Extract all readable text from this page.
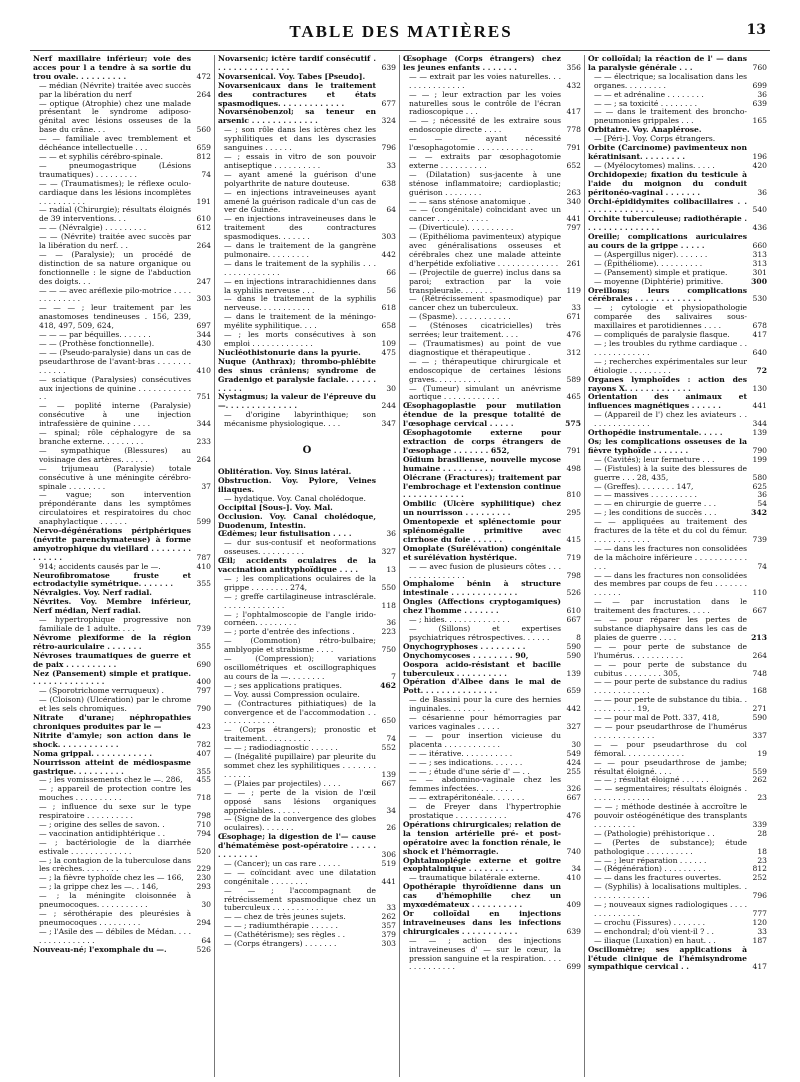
TABLE DES MATIÈRES	13
Nerf maxillaire inférieur; voie des acces pour l a tendre à sa sortie du trou ovale. . . . . . . . . .	472
— médian (Névrite) traitée avec succès par la libération du nerf	264
— optique (Atrophie) chez une malade présentant le syndrome adiposo-génital avec lésions osseuses de la base du crâne. . .	560
— — familiale avec tremblement et déchéance intellectuelle . . .	659
— — et syphilis cérébro-spinale.	812
— pneumogastrique (Lésions traumatiques) . . . . . . . . .	74
— — (Traumatismes); le réflexe oculo-cardiaque dans les lésions incomplètes . . . . . . . . . .	191
— radial (Chirurgie); résultats éloignés de 39 interventions. . .	610
— — (Névralgie) . . . . . . . . .	612
— — (Névrite) traitée avec succès par la libération du nerf. . .	264
— — (Paralysie); un procédé de distinction de sa nature organique ou fonctionnelle : le signe de l'abduction des doigts. . .	247
— — — avec aréflexie pilo-motrice . . . . . . . . . . . . .	303
— — — ; leur traitement par les anastomoses tendineuses . 156, 239, 418, 497, 509, 624,	697
— — — par béquilles. . . . . . .	344
— — (Prothèse fonctionnelle).	430
— — (Pseudo-paralysie) dans un cas de pseudarthrose de l'avant-bras . . . . . . . . . . . . .	410
— sciatique (Paralysies) consécutives aux injections de quinine . . . . . . . . . . . . .	751
— — poplité interne (Paralysie) consécutive à une injection intrafessière de quinine . . . .	344
— spinal; rôle céphalogyre de sa branche externe. . . . . . . . .	233
— sympathique (Blessures) au voisinage des artères. . . . . .	264
— trijumeau (Paralysie) totale consécutive à une méningite cérébro-spinale . . . . . . . .	37
— vague; son intervention prépondérante dans les symptômes circulatoires et respiratoires du choc anaphylactique . . . . . .	599
Nervo-dégénérations périphériques (névrite parenchymateuse) à forme amyotrophique du vieillard . . . . . . . . . . . . . .	787
914; accidents causés par le —.	410
Neurofibromatose fruste et ectrodactylie symétrique. . . . . . .	355
Névralgies. Voy. Nerf radial.
Névrites. Voy. Membre inférieur, Nerf médian, Nerf radial.
— hypertrophique progressive non familiale de 1 adulte. . . .	739
Névrome plexiforme de la région rétro-auriculaire . . . . . . .	355
Névroses traumatiques de guerre et de paix . . . . . . . . . .	690
Nez (Pansement) simple et pratique. . . . . . . . . . . . . . .	400
— (Sporotrichome verruqueux) .	797
— (Cloison) (Ulcération) par le chrome et les sels chromiques.	790
Nitrate d'urane; néphropathies chroniques produites par le —	423
Nitrite d'amyle; son action dans le shock. . . . . . . . . . . .	782
Noma grippal. . . . . . . . . . . .	407
Nourrisson atteint de médiospasme gastrique. . . . . . . . . .	355
— ; les vomissements chez le —. 286, 455
— ; appareil de protection contre les mouches . . . . . . . . . .	718
— ; influence du sexe sur le type respiratoire . . . . . . . . . .	798
— ; origine des selles de savon. .	710
— vaccination antidiphtérique . .	794
— ; bactériologie de la diarrhée estivale . . . . . . . . . . . . .	520
— ; la contagion de la tuberculose dans les crèches. . . . . . . .	229
— ; la fièvre typhoïde chez les — 166, 230
— ; la grippe chez les —. . 146,	293
— ; la méningite cloisonnée à pneumocoques. . . . . . . . . . .	30
— ; sérothérapie des pleurésies à pneumocoques . . . . . . . . .	294
— ; l'Asile des — débiles de Médan. . . . . . . . . . . . . . . .	64
Nouveau-né; l'exomphale du —.	526
Novarsenic; ictère tardif consécutif . . . . . . . . . . . . . . .	639
Novarsenical. Voy. Tabes [Pseudo].
Novarsenicaux dans le traitement des contractures et états spasmodiques. . . . . . . . . . . . .	677
Novarsénobenzol; sa teneur en arsenic . . . . . . . . . . . . .	324
— ; son rôle dans les ictères chez les syphilitiques et dans les dyscrasies sanguines . . . . . .	796
— ; essais in vitro de son pouvoir antiseptique . . . . . . . . . .	33
— ayant amené la guérison d'une polyarthrite de nature douteuse.	638
— en injections intraveineuses ayant amené la guérison radicale d'un cas de ver de Guinée.	64
— en injections intraveineuses dans le traitement des contractures spasmodiques. . . . . . .	303
— dans le traitement de la gangrène pulmonaire. . . . . . . . .	442
— dans le traitement de la syphilis . . . . . . . . . . . . . . .	66
— en injections intrarachidiennes dans la syphilis nerveuse . . .	56
— dans le traitement de la syphilis nerveuse. . . . . . . . . . .	618
— dans le traitement de la méningo-myélite syphilitique. . . .	658
— ; les morts consécutives à son emploi . . . . . . . . . . . . .	109
Nucléothistonurie dans la pyurie.	475
Nuque (Anthrax); thrombo-phlébite des sinus crâniens; syndrome de Gradenigo et paralysie faciale. . . . . . . . . . .	30
Nystagmus; la valeur de l'épreuve du —. . . . . . . . . . . . . .	244
— d'origine labyrinthique; son mécanisme physiologique. . . .	347
O
Oblitération. Voy. Sinus latéral.
Obstruction. Voy. Pylore, Veines iliaques.
— hydatique. Voy. Canal cholédoque.
Occipital [Sous-]. Voy. Mal.
Occlusion. Voy. Canal cholédoque, Duodenum, Intestin.
Œdèmes; leur fistulisation . . . .	36
— dur sus-contusif et neoformations osseuses. . . . . . . . . .	327
Œil; accidents oculaires de la vaccination antityphoïdique . . . .	13
— ; les complications oculaires de la grippe . . . . . . . . 274,	550
— ; greffe cartilagineuse intrasclérale. . . . . . . . . . . . . .	118
— ; l'ophtalmoscopie de l'angle irido-cornéen. . . . . . . . .	36
— ; porte d'entrée des infections .	223
— (Commotion) rétro-bulbaire; amblyopie et strabisme . . . .	750
— (Compression); variations oscillométriques et oscillographiques au cours de la —. . . . . . . .	7
— ; ses applications pratiques.	462
— Voy. aussi Compression oculaire.
— (Contractures pithiatiques) de la convergence et de l'accommodation . . . . . . . . . . . . .	650
— (Corps étrangers); pronostic et traitement. . . . . . . . . .	74
— — ; radiodiagnostic . . . . . .	552
— (Inégalité pupillaire) par pleurite du sommet chez les syphilitiques . . . . . . . . . . . . .	139
— (Plaies par projectiles) . . . .	667
— — ; perte de la vision de l'œil opposé sans lésions organiques appréciables. . . . . .	34
— (Signe de la convergence des globes oculaires). . . . . . .	26
Œsophage; la digestion de l'— cause d'hématémèse post-opératoire . . . . . . . . . . . . .	306
— (Cancer); un cas rare . . . . .	519
— — coïncidant avec une dilatation congénitale . . . . . . . .	441
— — ; l'accompagnant de rétrécissement spasmodique chez un tuberculeux . . . . . . . . . . .	33
— — chez de très jeunes sujets.	262
— — ; radiumthérapie . . . . . .	357
— (Cathétérisme); ses règles . .	379
— (Corps étrangers) . . . . . . .	303
Œsophage (Corps étrangers) chez les jeunes enfants . . . . . . .	356
— — extrait par les voies naturelles. . . . . . . . . . . . . . .	432
— — ; leur extraction par les voies naturelles sous le contrôle de l'écran radioscopique . . .	417
— — ; nécessité de les extraire sous endoscopie directe . . . .	778
— — — ayant nécessité l'œsophagotomie . . . . . . . . . . . .	791
— — extraits par œsophagotomie externe . . . . . . . . . .	652
— (Dilatation) sus-jacente à une sténose inflammatoire; cardioplastic; guérison . . . . . . . .	263
— — sans sténose anatomique .	340
— — (congénitale) coïncidant avec un cancer . . . . . . . . . . .	441
— (Diverticule). . . . . . . . . .	797
— (Epithélioma pavimenteux) atypique avec généralisations osseuses et cérébrales chez une malade atteinte d'herpétide exfoliative . . . . . . . . . . . . . 261
— (Projectile de guerre) inclus dans sa paroi; extraction par la voie transpleurale. . . . . . .	119
— (Rétrécissement spasmodique) par cancer chez un tuberculeux.	33
— (Spasme). . . . . . . . . . . .	671
— (Sténoses cicatricielles) très serrées; leur traitement. . . .	476
— (Traumatismes) au point de vue diagnostique et thérapeutique .	312
— — ; thérapeutique chirurgicale et endoscopique de certaines lésions graves. . . . . . . . . .	589
— (Tumeur) simulant un anévrisme aortique . . . . . . . . . . . .	465
Œsophagoplastie pour mutilation étendue de la presque totalité de l'œsophage cervical . . . . .	575
Œsophagotomie externe pour extraction de corps étrangers de l'œsophage . . . . . . . 652,	791
Oïdium brasiliense, nouvelle mycose humaine . . . . . . . . . .	498
Olécrane (Fractures); traitement par l'embrochage et l'extension continue . . . . . . . . . . . .	810
Ombilic (Ulcère syphilitique) chez un nourrisson . . . . . . . . .	295
Omentopexie et splénectomie pour splénomégalie primitive avec cirrhose du foie . . . . . .	415
Omoplate (Surélévation) congénitale et surélévation hystérique.	719
— — avec fusion de plusieurs côtes . . . . . . . . . . . . . . .	798
Omphalome bénin à structure intestinale . . . . . . . . . . . . .	526
Ongles (Affections cryptogamiques) chez l'homme . . . . . . .	610
— ; hides. . . . . . . . . . . . . .	667
— (Sillons) et expertises psychiatriques rétrospectives. . . . . .	8
Onychogryphoses . . . . . . . . .	590
Onychomycoses . . . . . . . . 90,	590
Oospora acido-résistant et bacille tuberculeux . . . . . . . . . .	139
Opération d'Albee dans le mal de Pott. . . . . . . . . . . . . . .	659
— de Bassini pour la cure des hernies inguinales. . . . . . . .	442
— césarienne pour hémorragies par varices vaginales . . . . .	327
— — pour insertion vicieuse du placenta . . . . . . . . . . . .	30
— — itérative. . . . . . . . . . .	549
— — ; ses indications. . . . . . .	424
— — ; étude d'une série d' — . .	255
— — abdomino-vaginale chez les femmes infectées. . . . . . . .	326
— — extrapéritonéale. . . . . . .	667
— de Freyer dans l'hypertrophie prostatique . . . . . . . . . . .	476
Opérations chirurgicales; relation de la tension artérielle pré- et post-opératoire avec la fonction rénale, le shock et l'hémorragie.	740
Ophtalmoplégie externe et goitre exophtalmique . . . . . . . . .	34
— traumatique bilatérale externe.	410
Opothérapie thyroïdienne dans un cas d'hémophilie chez un myxœdémateux . . . . . . . . . .	409
Or colloïdal en injections intraveineuses dans les infections chirurgicales . . . . . . . . . . .	639
— — ; action des injections intraveineuses d' — sur le cœur, la pression sanguine et la respiration. . . . . . . . . . . . . .	699
Or colloïdal; la réaction de l' — dans la paralysie générale . . .	760
— — électrique; sa localisation dans les organes. . . . . . . . .	699
— — et adrénaline . . . . . . . .	36
— — ; sa toxicité . . . . . . . .	639
— — dans le traitement des broncho-pneumonies grippales . . .	165
Orbitaire. Voy. Anaplérose.
— [Péri-]. Voy. Corps étrangers.
Orbite (Carcinome) pavimenteux non kératinisant. . . . . . . . .	196
— (Myélocytomes) malins. . . . .	420
Orchidopexie; fixation du testicule à l'aide du moignon du conduit péritonéo-vaginal . . . . . . .	36
Orchi-épididymites colibacillaires . . . . . . . . . . . . . . .	540
Orchite tuberculeuse; radiothérapie . . . . . . . . . . . . . . .	436
Oreille; complications auriculaires au cours de la grippe . . . . .	660
— (Aspergillus niger). . . . . . .	313
— (Épithéliome). . . . . . . . . .	313
— (Pansement) simple et pratique.	301
— moyenne (Diphtérie) primitive.	300
Oreillons; leurs complications cérébrales . . . . . . . . . . . . .	530
— ; cytologie et physiopathologie comparée des salivaires sous-maxillaires et parotidiennes . . . .	678
— compliqués de paralysie flasque.	417
— ; les troubles du rythme cardiaque . . . . . . . . . . . . . .	640
— ; recherches expérimentales sur leur étiologie . . . . . . . . .	72
Organes lymphoïdes : action des rayons X. . . . . . . . . . . . .	130
Orientation des animaux et influences magnétiques . . . . . .	441
— (Appareil de l') chez les aviateurs . . . . . . . . . . . . . .	344
Orthopédie instrumentale. . . . .	139
Os; les complications osseuses de la fièvre typhoïde . . . . . . .	790
— (Cavités); leur fermeture . . .	199
— (Fistules) à la suite des blessures de guerre . . . 28, 435,	580
— (Greffes). . . . . . . . 147,	625
— — massives . . . . . . . . . .	36
— — en chirurgie de guerre . . .	54
— ; les conditions de succès . . .	342
— — appliquées au traitement des fractures de la tête et du col du fémur. . . . . . . . . . . . .	739
— — dans les fractures non consolidées de la mâchoire inférieure . . . . . . . . . . . . . .	74
— — dans les fractures non consolidées des membres par coups de feu . . . . . . . . . . . . .	110
— — par incrustation dans le traitement des fractures. . . . .	667
— — pour réparer les pertes de substance diaphysaire dans les cas de plaies de guerre . . . .	213
— — pour perte de substance de l'humérus. . . . . . . . . . .	264
— — pour perte de substance du cubitus . . . . . . . . 305,	748
— — pour perte de substance du radius . . . . . . . . . . . .	168
— — pour perte de substance du tibia. . . . . . . . . . . 19,	271
— — pour mal de Pott. 337, 418,	590
— — pour pseudarthrose de l'humérus . . . . . . . . . . . . .	337
— — pour pseudarthrose du col fémoral. . . . . . . . . . . . .	19
— — pour pseudarthrose de jambe; résultat éloigné. . . .	559
— — ; résultat éloigné . . . . . .	262
— — segmentaires; résultats éloignés . . . . . . . . . . . . .	23
— — ; méthode destinée à accroître le pouvoir ostéogénétique des transplants . . . . . . . . .	339
— (Pathologie) préhistorique . .	28
— (Pertes de substance); étude pathologique . . . . . . . . . .	18
— — ; leur réparation . . . . . .	23
— (Régénération) . . . . . . . . .	812
— — dans les fractures ouvertes.	252
— (Syphilis) à localisations multiples. . . . . . . . . . . . . .	796
— ; nouveaux signes radiologiques . . . . . . . . . . . . . .	777
— crochu (Fissures) . . . . . . .	120
— enchondral; d'où vient-il ? . .	33
— iliaque (Luxation) en haut. . .	187
Oscillomètre; ses applications à l'étude clinique de l'hémisyndrome sympathique cervical . .	417
